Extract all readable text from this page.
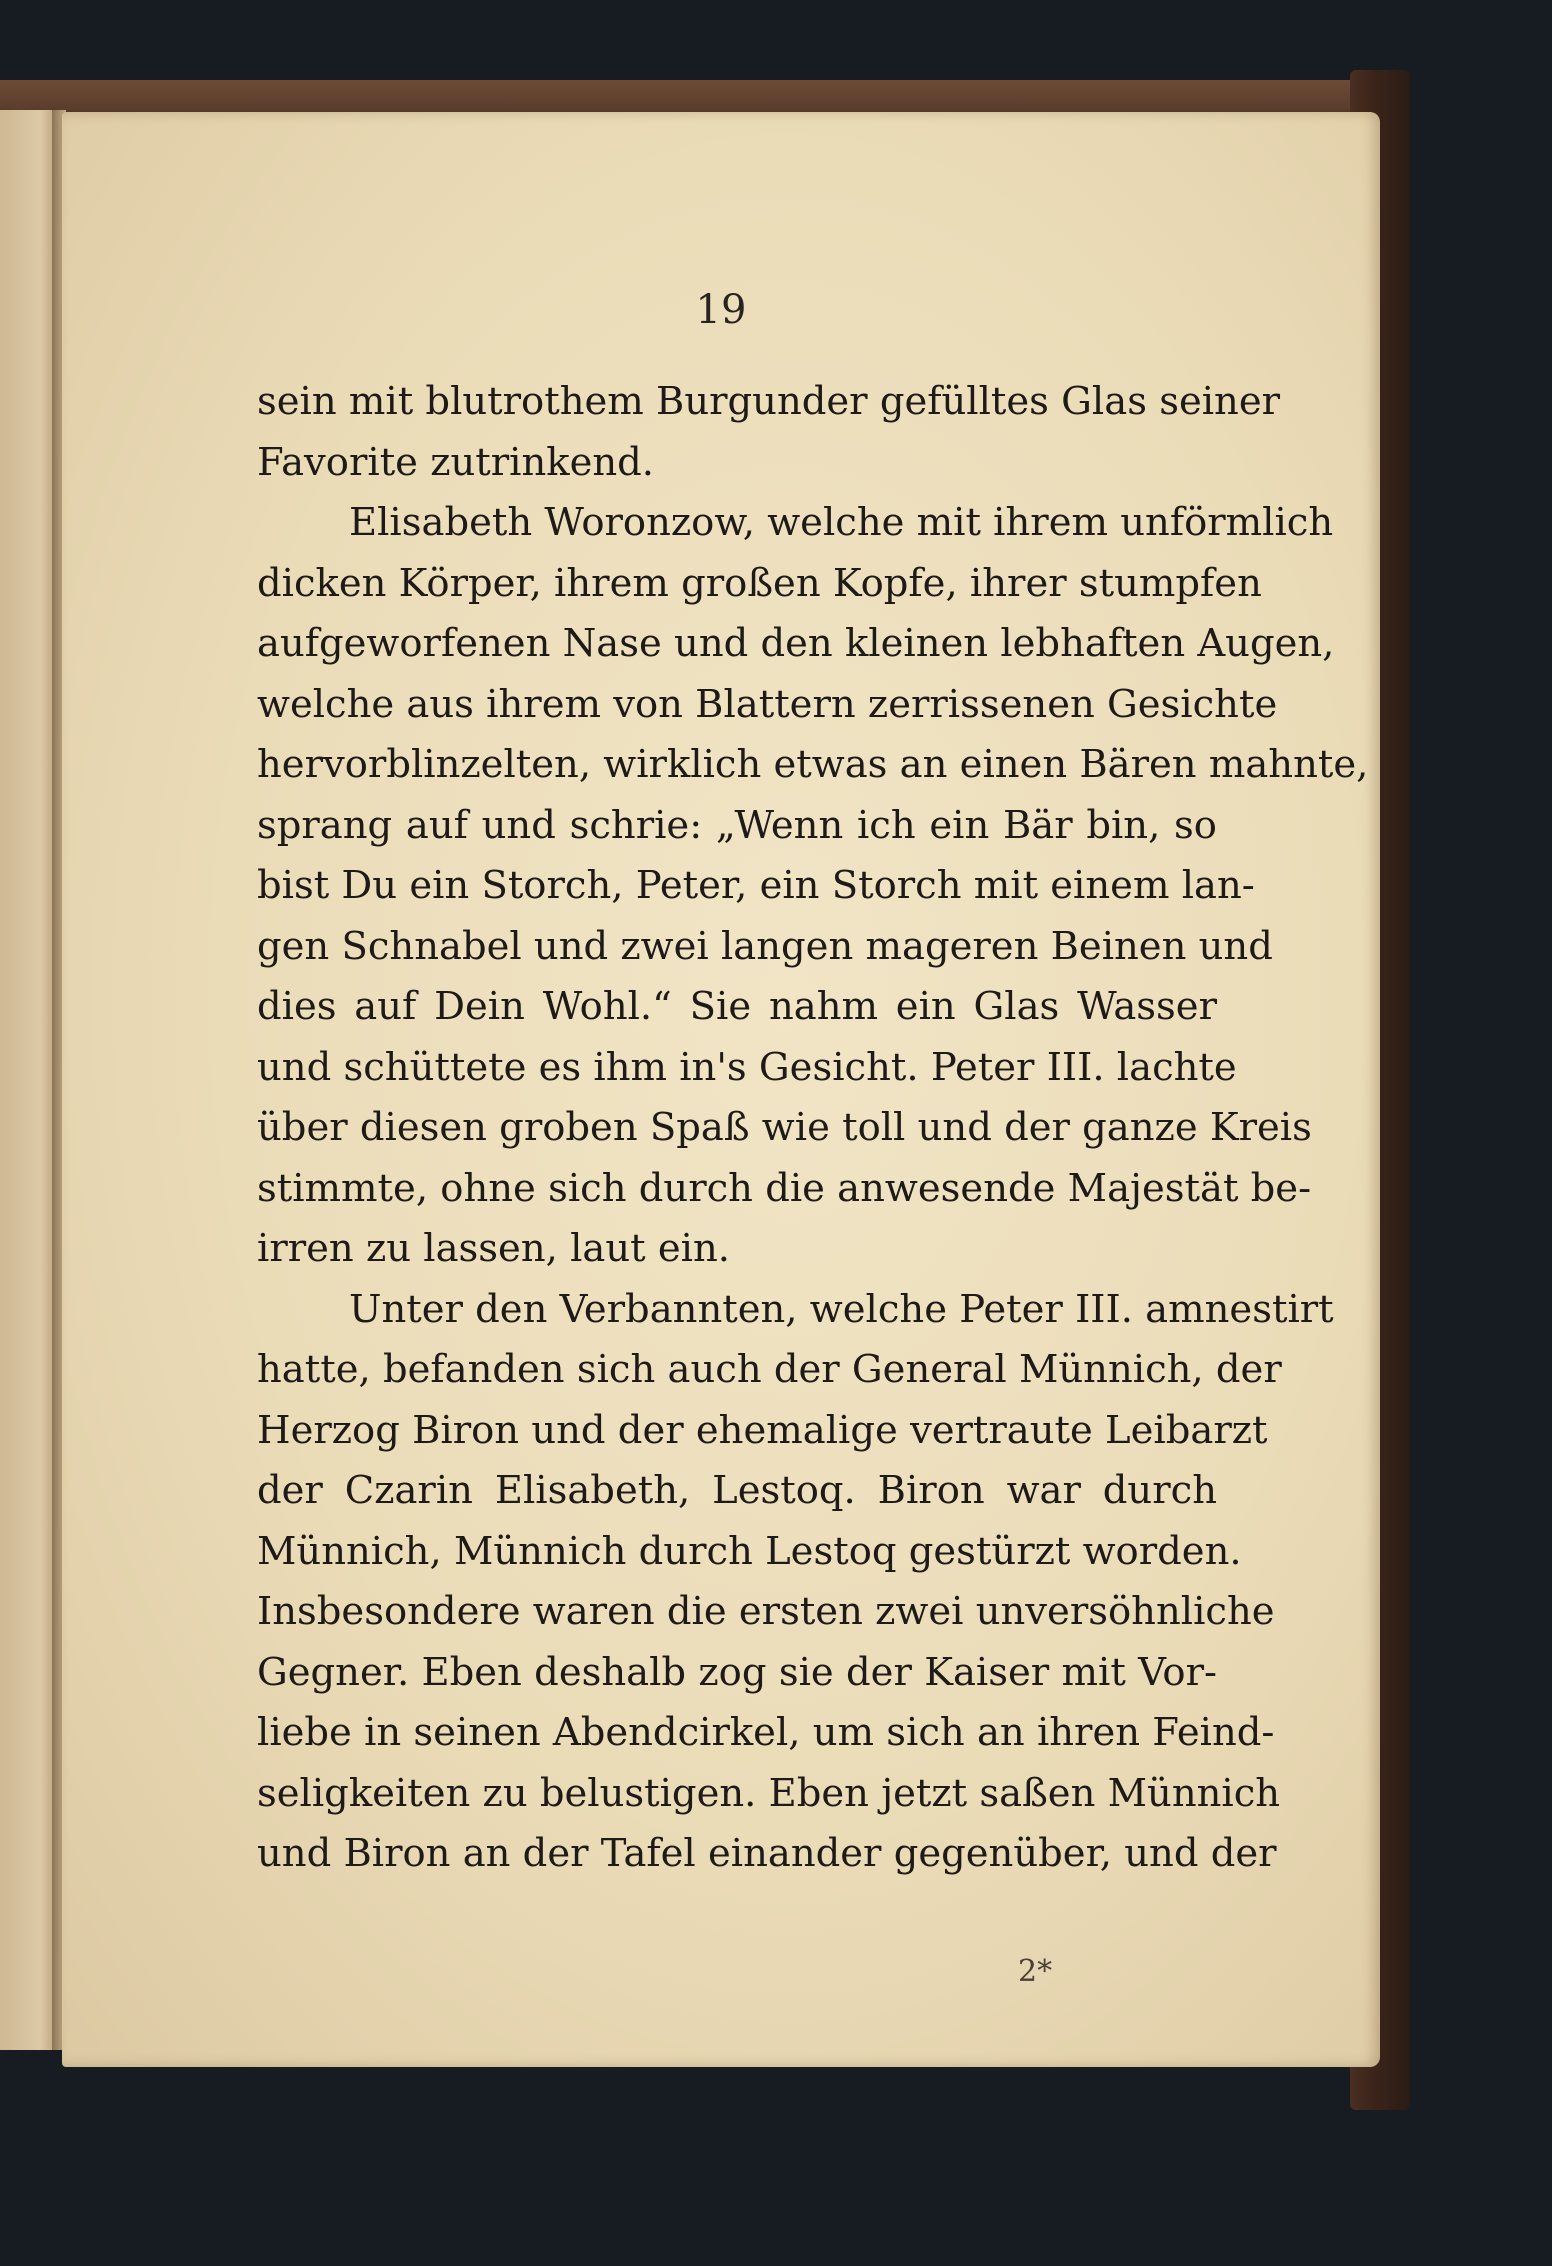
19
sein mit blutrothem Burgunder gefülltes Glas seiner
Favorite zutrinkend.
Elisabeth Woronzow, welche mit ihrem unförmlich
dicken Körper, ihrem großen Kopfe, ihrer stumpfen
aufgeworfenen Nase und den kleinen lebhaften Augen,
welche aus ihrem von Blattern zerrissenen Gesichte
hervorblinzelten, wirklich etwas an einen Bären mahnte,
sprang auf und schrie: „Wenn ich ein Bär bin, so
bist Du ein Storch, Peter, ein Storch mit einem lan-
gen Schnabel und zwei langen mageren Beinen und
dies auf Dein Wohl.“ Sie nahm ein Glas Wasser
und schüttete es ihm in's Gesicht. Peter III. lachte
über diesen groben Spaß wie toll und der ganze Kreis
stimmte, ohne sich durch die anwesende Majestät be-
irren zu lassen, laut ein.
Unter den Verbannten, welche Peter III. amnestirt
hatte, befanden sich auch der General Münnich, der
Herzog Biron und der ehemalige vertraute Leibarzt
der Czarin Elisabeth, Lestoq. Biron war durch
Münnich, Münnich durch Lestoq gestürzt worden.
Insbesondere waren die ersten zwei unversöhnliche
Gegner. Eben deshalb zog sie der Kaiser mit Vor-
liebe in seinen Abendcirkel, um sich an ihren Feind-
seligkeiten zu belustigen. Eben jetzt saßen Münnich
und Biron an der Tafel einander gegenüber, und der
2*
